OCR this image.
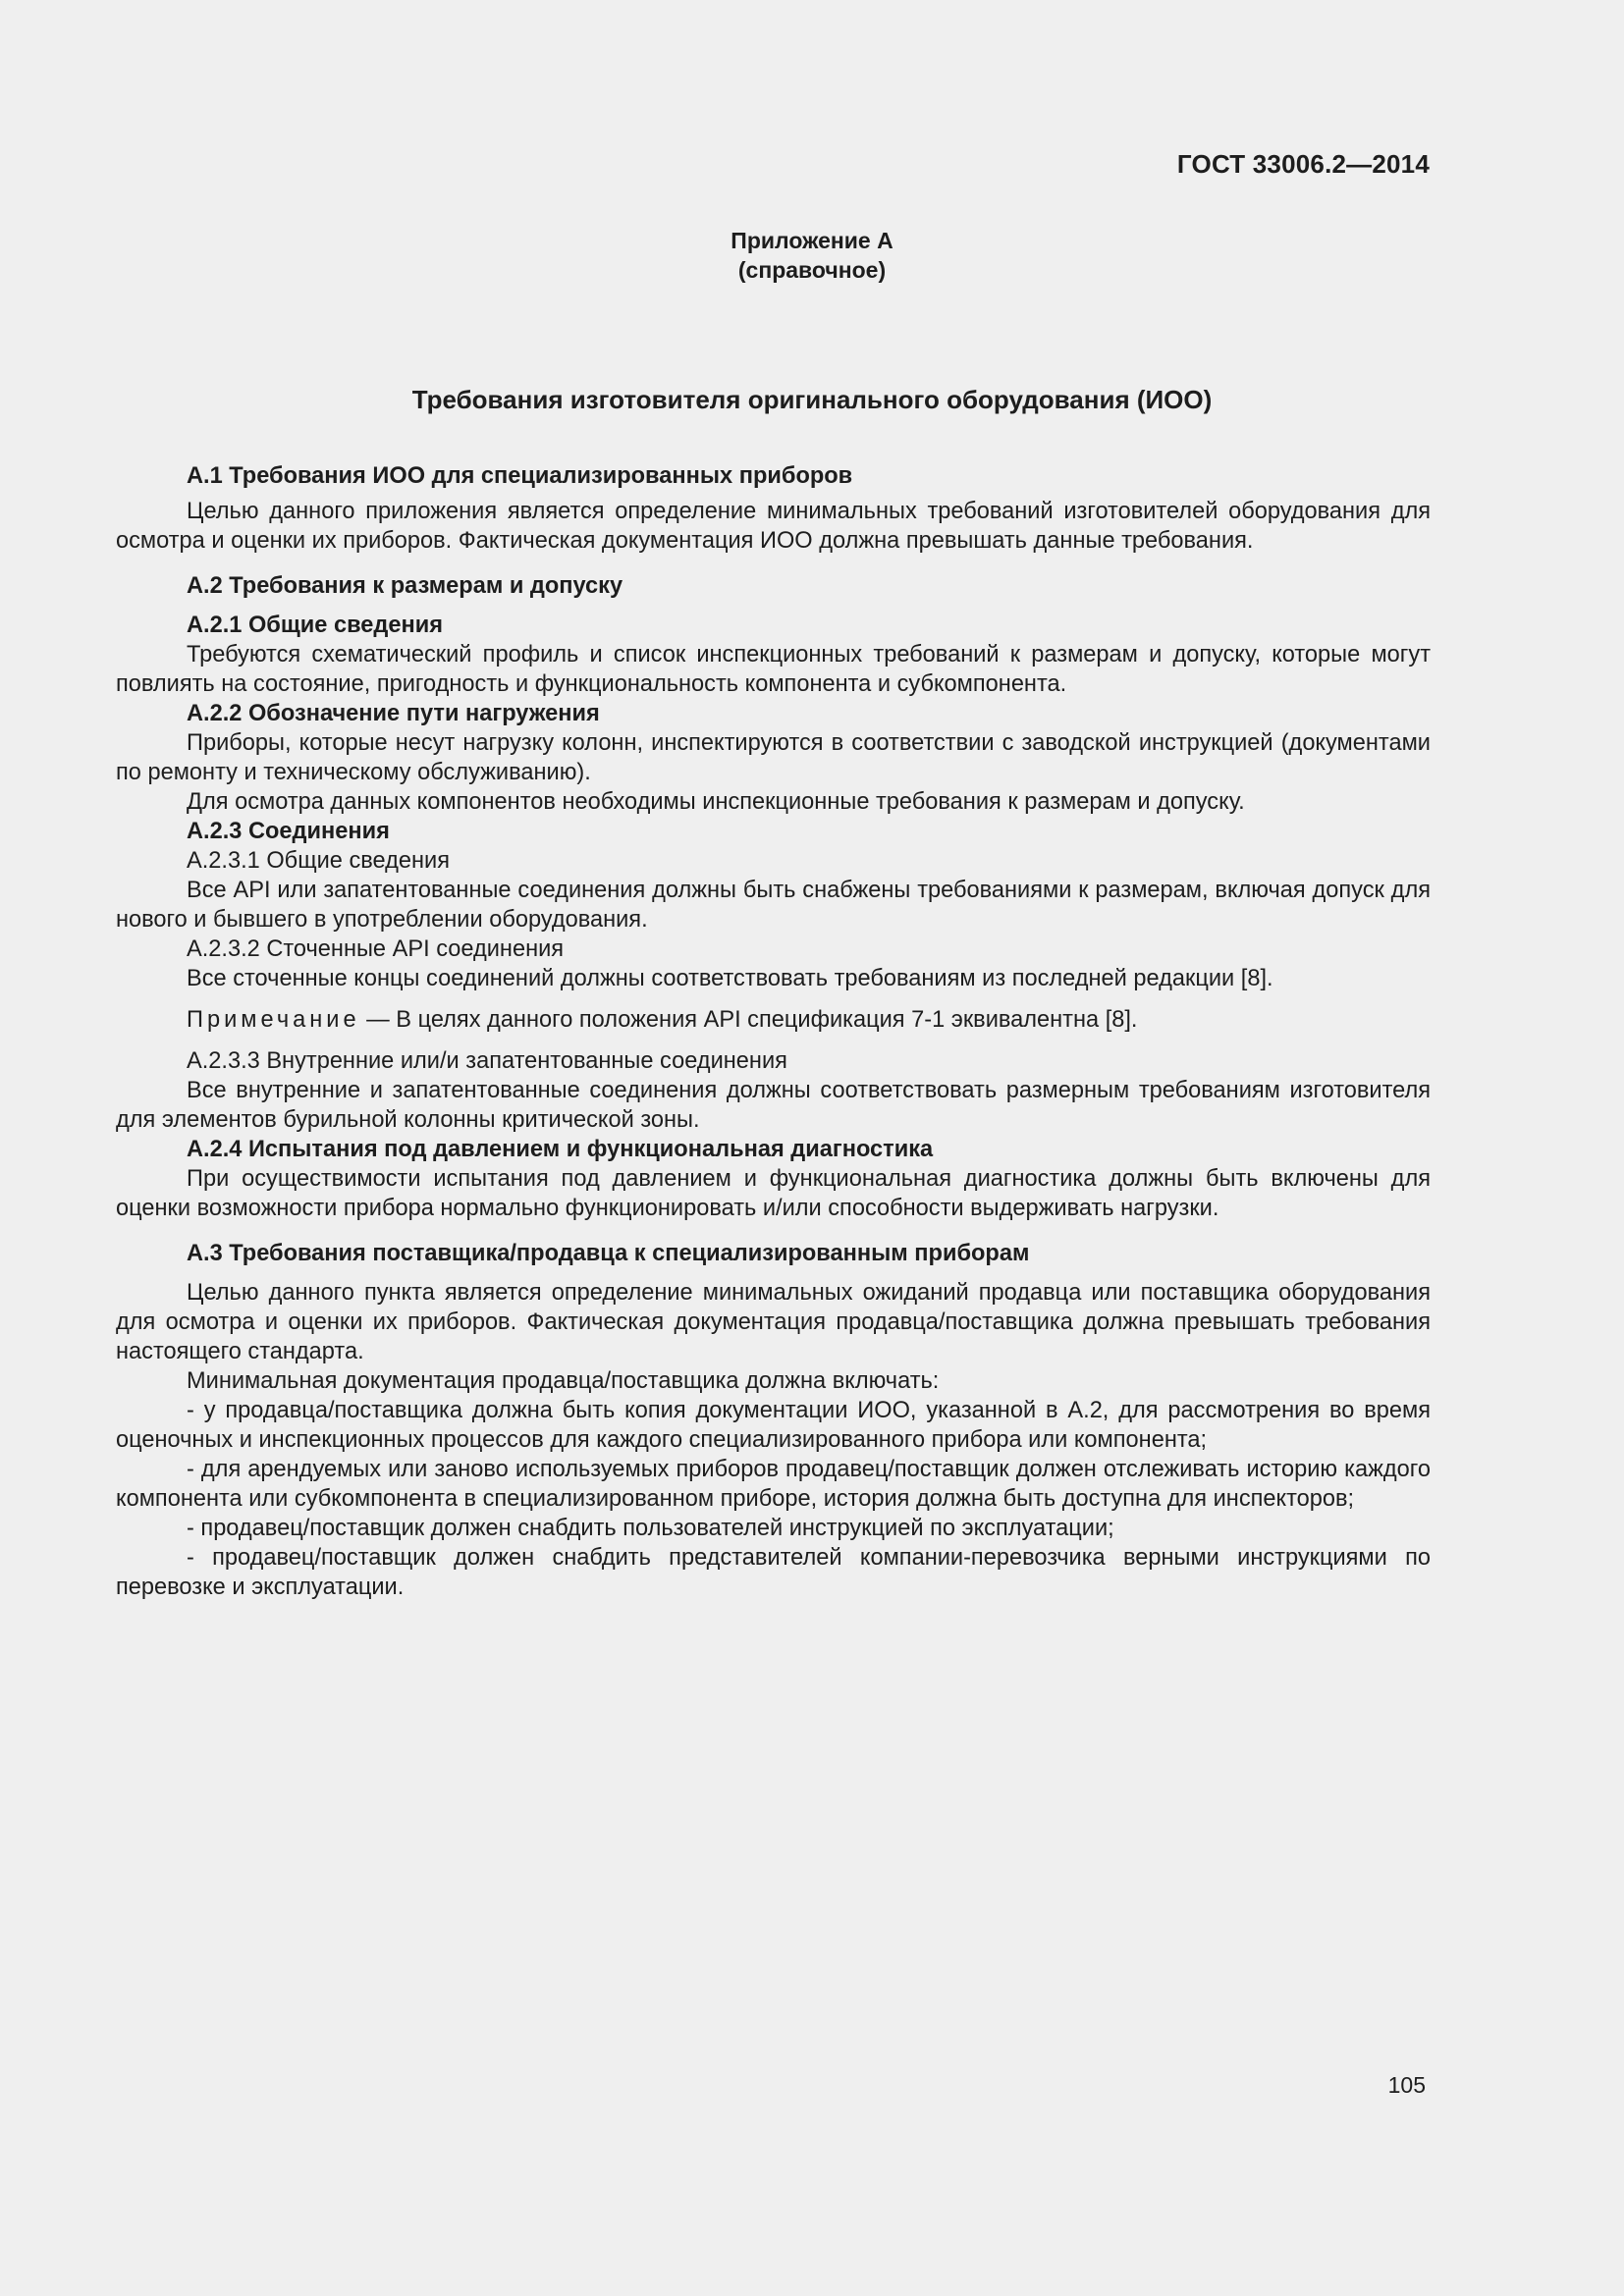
ГОСТ 33006.2—2014
Приложение А
(справочное)
Требования изготовителя оригинального оборудования (ИОО)

А.1 Требования ИОО для специализированных приборов

Целью данного приложения является определение минимальных требований изготовителей оборудования для осмотра и оценки их приборов. Фактическая документация ИОО должна превышать данные требования.

А.2 Требования к размерам и допуску

А.2.1 Общие сведения

Требуются схематический профиль и список инспекционных требований к размерам и допуску, которые могут повлиять на состояние, пригодность и функциональность компонента и субкомпонента.

А.2.2 Обозначение пути нагружения

Приборы, которые несут нагрузку колонн, инспектируются в соответствии с заводской инструкцией (документами по ремонту и техническому обслуживанию).

Для осмотра данных компонентов необходимы инспекционные требования к размерам и допуску.

А.2.3 Соединения

А.2.3.1 Общие сведения

Все API или запатентованные соединения должны быть снабжены требованиями к размерам, включая допуск для нового и бывшего в употреблении оборудования.

А.2.3.2 Сточенные API соединения

Все сточенные концы соединений должны соответствовать требованиям из последней редакции [8].

Примечание — В целях данного положения API спецификация 7-1 эквивалентна [8].

А.2.3.3 Внутренние или/и запатентованные соединения

Все внутренние и запатентованные соединения должны соответствовать размерным требованиям изготовителя для элементов бурильной колонны критической зоны.

А.2.4 Испытания под давлением и функциональная диагностика

При осуществимости испытания под давлением и функциональная диагностика должны быть включены для оценки возможности прибора нормально функционировать и/или способности выдерживать нагрузки.

А.3 Требования поставщика/продавца к специализированным приборам

Целью данного пункта является определение минимальных ожиданий продавца или поставщика оборудования для осмотра и оценки их приборов. Фактическая документация продавца/поставщика должна превышать требования настоящего стандарта.

Минимальная документация продавца/поставщика должна включать:

- у продавца/поставщика должна быть копия документации ИОО, указанной в А.2, для рассмотрения во время оценочных и инспекционных процессов для каждого специализированного прибора или компонента;

- для арендуемых или заново используемых приборов продавец/поставщик должен отслеживать историю каждого компонента или субкомпонента в специализированном приборе, история должна быть доступна для инспекторов;

- продавец/поставщик должен снабдить пользователей инструкцией по эксплуатации;

- продавец/поставщик должен снабдить представителей компании-перевозчика верными инструкциями по перевозке и эксплуатации.

105
